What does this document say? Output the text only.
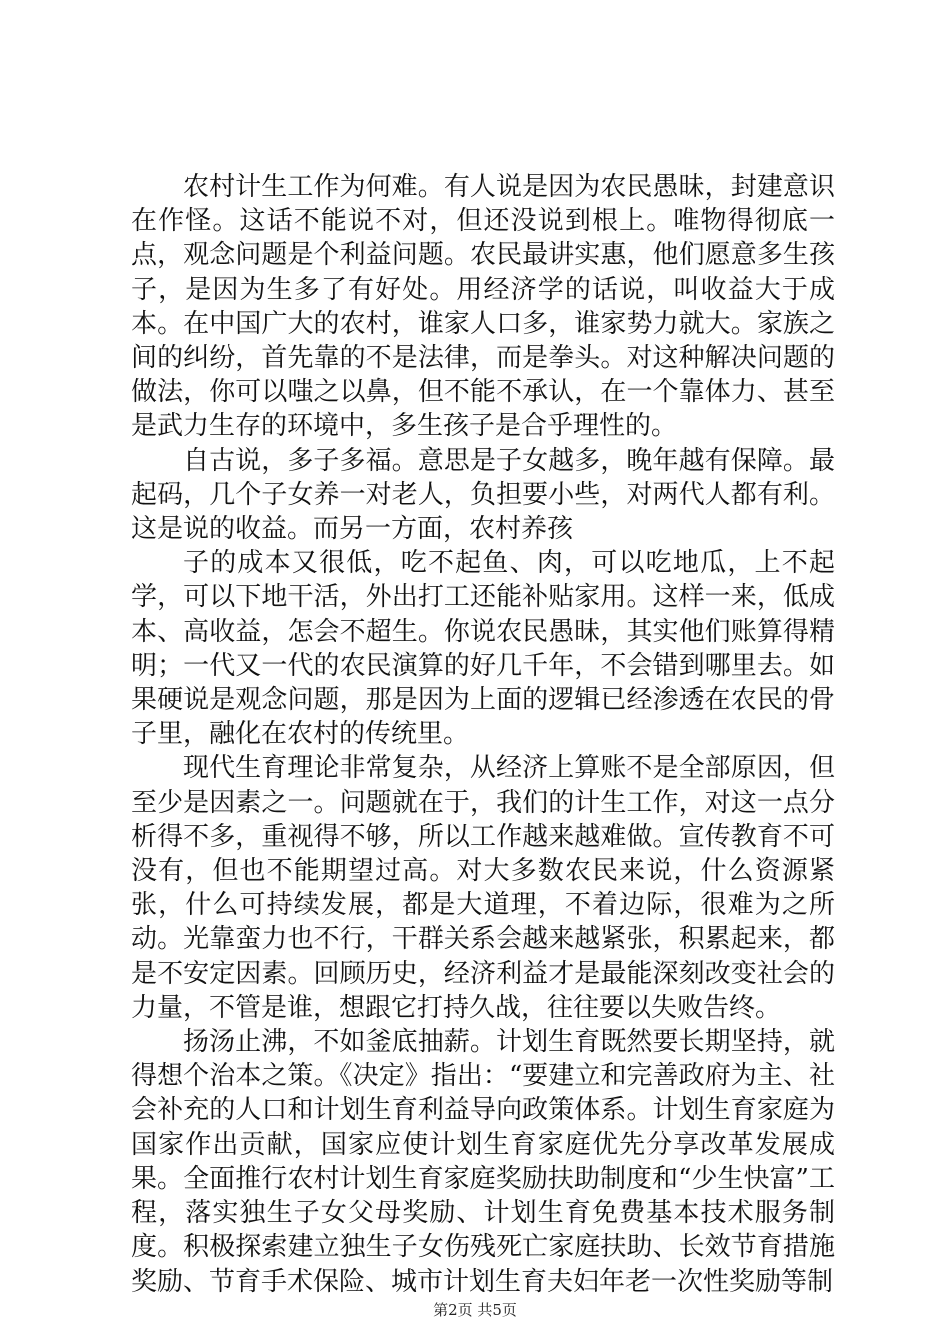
农村计生工作为何难。有人说是因为农民愚昧，封建意识在作怪。这话不能说不对，但还没说到根上。唯物得彻底一点，观念问题是个利益问题。农民最讲实惠，他们愿意多生孩子，是因为生多了有好处。用经济学的话说，叫收益大于成本。在中国广大的农村，谁家人口多，谁家势力就大。家族之间的纠纷，首先靠的不是法律，而是拳头。对这种解决问题的做法，你可以嗤之以鼻，但不能不承认，在一个靠体力、甚至是武力生存的环境中，多生孩子是合乎理性的。

自古说，多子多福。意思是子女越多，晚年越有保障。最起码，几个子女养一对老人，负担要小些，对两代人都有利。这是说的收益。而另一方面，农村养孩

子的成本又很低，吃不起鱼、肉，可以吃地瓜，上不起学，可以下地干活，外出打工还能补贴家用。这样一来，低成本、高收益，怎会不超生。你说农民愚昧，其实他们账算得精明；一代又一代的农民演算的好几千年，不会错到哪里去。如果硬说是观念问题，那是因为上面的逻辑已经渗透在农民的骨子里，融化在农村的传统里。

现代生育理论非常复杂，从经济上算账不是全部原因，但至少是因素之一。问题就在于，我们的计生工作，对这一点分析得不多，重视得不够，所以工作越来越难做。宣传教育不可没有，但也不能期望过高。对大多数农民来说，什么资源紧张，什么可持续发展，都是大道理，不着边际，很难为之所动。光靠蛮力也不行，干群关系会越来越紧张，积累起来，都是不安定因素。回顾历史，经济利益才是最能深刻改变社会的力量，不管是谁，想跟它打持久战，往往要以失败告终。

扬汤止沸，不如釜底抽薪。计划生育既然要长期坚持，就得想个治本之策。《决定》指出：“要建立和完善政府为主、社会补充的人口和计划生育利益导向政策体系。计划生育家庭为国家作出贡献，国家应使计划生育家庭优先分享改革发展成果。全面推行农村计划生育家庭奖励扶助制度和“少生快富”工程，落实独生子女父母奖励、计划生育免费基本技术服务制度。积极探索建立独生子女伤残死亡家庭扶助、长效节育措施奖励、节育手术保险、城市计划生育夫妇年老一次性奖励等制

第2页 共5页
